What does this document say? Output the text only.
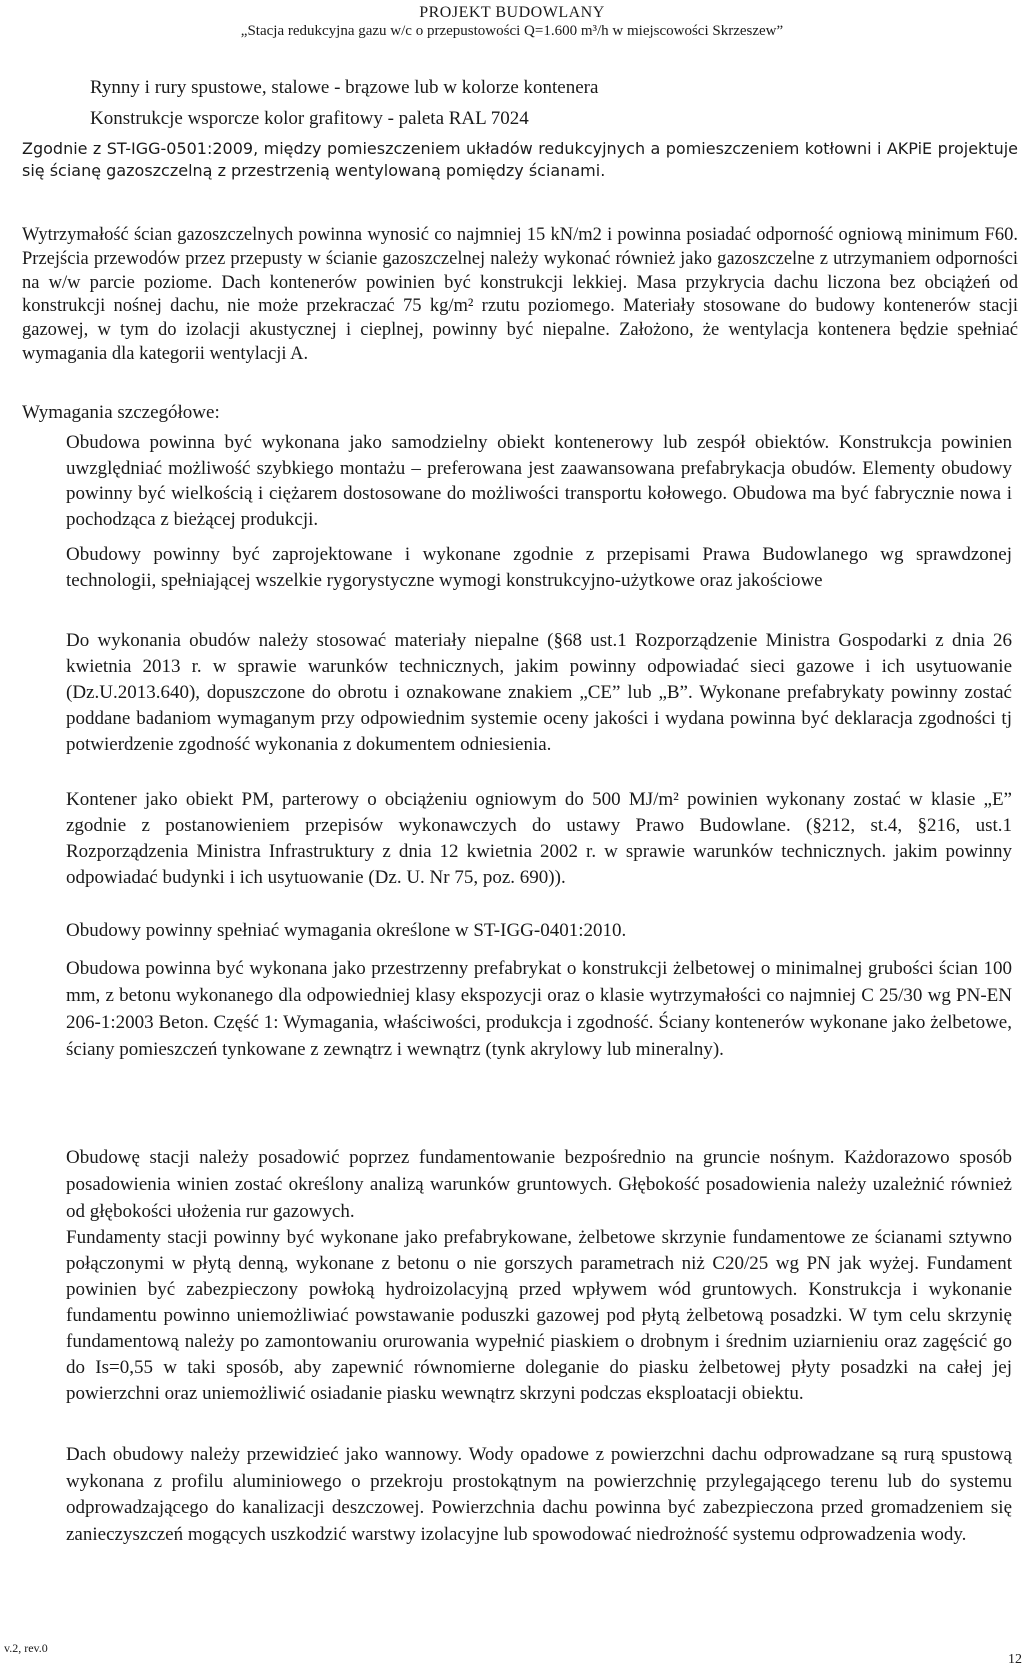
PROJEKT BUDOWLANY
„Stacja redukcyjna gazu w/c o przepustowości Q=1.600 m³/h w miejscowości Skrzeszew”
Rynny i rury spustowe, stalowe - brązowe lub w kolorze kontenera
Konstrukcje wsporcze kolor grafitowy - paleta RAL 7024
Zgodnie z ST-IGG-0501:2009, między pomieszczeniem układów redukcyjnych a pomieszczeniem kotłowni i AKPiE projektuje się ścianę gazoszczelną z przestrzenią wentylowaną pomiędzy ścianami.
Wytrzymałość ścian gazoszczelnych powinna wynosić co najmniej 15 kN/m2 i powinna posiadać odporność ogniową minimum F60. Przejścia przewodów przez przepusty w ścianie gazoszczelnej należy wykonać również jako gazoszczelne z utrzymaniem odporności na w/w parcie poziome. Dach kontenerów powinien być konstrukcji lekkiej. Masa przykrycia dachu liczona bez obciążeń od konstrukcji nośnej dachu, nie może przekraczać 75 kg/m² rzutu poziomego. Materiały stosowane do budowy kontenerów stacji gazowej, w tym do izolacji akustycznej i cieplnej, powinny być niepalne. Założono, że wentylacja kontenera będzie spełniać wymagania dla kategorii wentylacji A.
Wymagania szczegółowe:
Obudowa powinna być wykonana jako samodzielny obiekt kontenerowy lub zespół obiektów. Konstrukcja powinien uwzględniać możliwość szybkiego montażu – preferowana jest zaawansowana prefabrykacja obudów. Elementy obudowy powinny być wielkością i ciężarem dostosowane do możliwości transportu kołowego. Obudowa ma być fabrycznie nowa i pochodząca z bieżącej produkcji.
Obudowy powinny być zaprojektowane i wykonane zgodnie z przepisami Prawa Budowlanego wg sprawdzonej technologii, spełniającej wszelkie rygorystyczne wymogi konstrukcyjno-użytkowe oraz jakościowe
Do wykonania obudów należy stosować materiały niepalne (§68 ust.1 Rozporządzenie Ministra Gospodarki z dnia 26 kwietnia 2013 r. w sprawie warunków technicznych, jakim powinny odpowiadać sieci gazowe i ich usytuowanie (Dz.U.2013.640), dopuszczone do obrotu i oznakowane znakiem „CE” lub „B”. Wykonane prefabrykaty powinny zostać poddane badaniom wymaganym przy odpowiednim systemie oceny jakości i wydana powinna być deklaracja zgodności tj potwierdzenie zgodność wykonania z dokumentem odniesienia.
Kontener jako obiekt PM, parterowy o obciążeniu ogniowym do 500 MJ/m² powinien wykonany zostać w klasie „E” zgodnie z postanowieniem przepisów wykonawczych do ustawy Prawo Budowlane. (§212, st.4, §216, ust.1 Rozporządzenia Ministra Infrastruktury z dnia 12 kwietnia 2002 r. w sprawie warunków technicznych. jakim powinny odpowiadać budynki i ich usytuowanie (Dz. U. Nr 75, poz. 690)).
Obudowy powinny spełniać wymagania określone w ST-IGG-0401:2010.
Obudowa powinna być wykonana jako przestrzenny prefabrykat o konstrukcji żelbetowej o minimalnej grubości ścian 100 mm, z betonu wykonanego dla odpowiedniej klasy ekspozycji oraz o klasie wytrzymałości co najmniej C 25/30 wg PN-EN 206-1:2003 Beton. Część 1: Wymagania, właściwości, produkcja i zgodność. Ściany kontenerów wykonane jako żelbetowe, ściany pomieszczeń tynkowane z zewnątrz i wewnątrz (tynk akrylowy lub mineralny).
Obudowę stacji należy posadowić poprzez fundamentowanie bezpośrednio na gruncie nośnym. Każdorazowo sposób posadowienia winien zostać określony analizą warunków gruntowych. Głębokość posadowienia należy uzależnić również od głębokości ułożenia rur gazowych.
Fundamenty stacji powinny być wykonane jako prefabrykowane, żelbetowe skrzynie fundamentowe ze ścianami sztywno połączonymi w płytą denną, wykonane z betonu o nie gorszych parametrach niż C20/25 wg PN jak wyżej. Fundament powinien być zabezpieczony powłoką hydroizolacyjną przed wpływem wód gruntowych. Konstrukcja i wykonanie fundamentu powinno uniemożliwiać powstawanie poduszki gazowej pod płytą żelbetową posadzki. W tym celu skrzynię fundamentową należy po zamontowaniu orurowania wypełnić piaskiem o drobnym i średnim uziarnieniu oraz zagęścić go do Is=0,55 w taki sposób, aby zapewnić równomierne doleganie do piasku żelbetowej płyty posadzki na całej jej powierzchni oraz uniemożliwić osiadanie piasku wewnątrz skrzyni podczas eksploatacji obiektu.
Dach obudowy należy przewidzieć jako wannowy. Wody opadowe z powierzchni dachu odprowadzane są rurą spustową wykonana z profilu aluminiowego o przekroju prostokątnym na powierzchnię przylegającego terenu lub do systemu odprowadzającego do kanalizacji deszczowej. Powierzchnia dachu powinna być zabezpieczona przed gromadzeniem się zanieczyszczeń mogących uszkodzić warstwy izolacyjne lub spowodować niedrożność systemu odprowadzenia wody.
v.2, rev.0
12
